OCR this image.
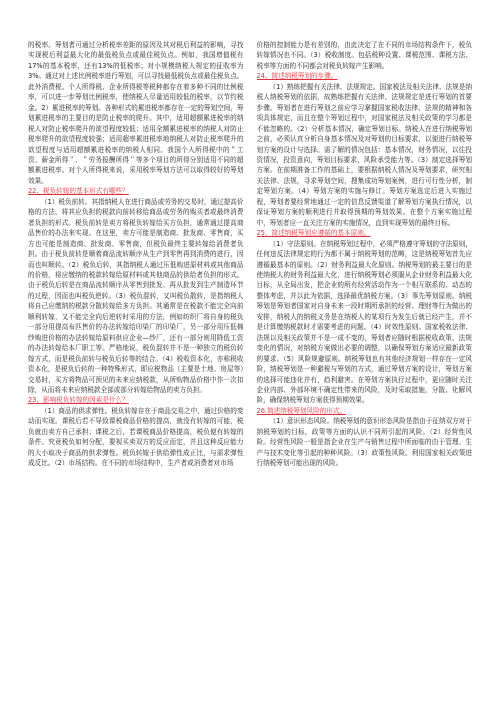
的税率。筹划者可通过分析税率差距的原因及其对税后利益的影响，寻找实现税后利益最大化的最低税负点或最佳税负点。例如，我国增值税有17%的基本税率，还有13%的低税率；对小规模纳税人规定的征收率为3%。通过对上述比例税率进行筹划，可以寻找最低税负点或最佳税负点。此外消费税、个人所得税、企业所得税等税种都存在着多种不同的比例税率，可以进一步筹划比例税率，使纳税人尽量适用较低的税率，以节约税金。2）累进税率的筹划。各种形式的累进税率都存在一定的筹划空间，筹划累进税率的主要目的是防止税率的爬升。其中，适用超额累进税率的纳税人对防止税率爬升的欲望程度较低；适用全额累进税率的纳税人对防止税率爬升的欲望程度较强；适用超率累进税率地纳税人对防止税率爬升的欲望程度与适用超额累进税率的纳税人相同。我国个人所得税中的＂工资、薪金所得＂、＂劳务报酬所得＂等多个项目的所得分别适用不同的超额累进税率。对个人所得税来说，采用税率筹划方法可以取得较好的筹划效果。

22、税负转嫁的基本形式有哪些？

（1）税负前转。其指纳税人在进行商品或劳务的交易时，通过提高价格的方法，将其应负担的税款向前转移给商品或劳务的购买者或最终消费者负担的形式。税负前转是卖方将税负转嫁给买方负担，通常通过提高商品售价的办法来实现。在这里，卖方可能是制造商、批发商、零售商，买方也可能是制造商、批发商、零售商，但税负最终主要转嫁给消费者负担。由于税负前转是顺着商品流转顺序从生产到零售再到消费的进行，因而也叫顺转。（2）税负后转，其指纳税人通过压低购进原材料或其他商品的价格，将应缴纳的税款转嫁给原材料或其他商品的供给者负担的形式。由于税负后转是在商品流转顺序从零售到批发、再从批发到生产制造环节的过程，因而也叫税负逆转。（3）税负混转，又叫税负散转，是指纳税人将自己应缴纳的税款分散转嫁给多方负担。其通常是在税款不能完全向前顺利转嫁，又不能完全向后逆转时采用的方法，例如纺织厂将自身的税负一部分用提高布匹售价的办法转嫁给印染厂的印染厂，另一部分用压低棉纱购进价格的办法转嫁给原料供应企业—纱厂，还有一部分则用降低工资的办法转嫁给本厂职工等。严格地说，税负混转并不是一种独立的税负转嫁方式，而是税负前转与税负后转等的结合。（4）税收资本化，亦称税收资本化，是税负后转的一种特殊形式，即应税物品（主要是土地、房屋等）交易时，买方将物品可预见的未来应纳税款，从所购物品价格中作一次扣除，从而将未来应纳税款全部或部分转嫁给物品的卖方负担。

23、影响税负转嫁的因素是什么？

（1）商品的供求弹性。税负转嫁存在于商品交易之中，通过价格的变动而实现。课税后若不导致课税商品价格的提高，就没有转嫁的可能，税负就由卖方自己承担；课税之后，若课税商品价格提高，税负便有转嫁的条件。究竟税负如何分配，要视买卖双方的反应而定，并且这种反应能力的大小取决于商品的供求弹性。税负转嫁于供给弹性成正比，与需求弹性成反比。（2）市场结构。在不同的市场结构中，生产者或消费者对市场

价格的控制能力是有差别的，由此决定了在不同的市场结构条件下，税负转嫁情况也不同。（3）税收制度。包括税种设置、课税范围、课税方法、税率等方面的不同都会对税负转嫁产生影响。

24、简述纳税筹划的步骤。

（1）熟练把握有关法律、法规规定。国家税法及相关法律、法规是纳税人纳税筹划的依据，故熟练把握有关法律、法规规定是进行筹划的首要步骤。筹划者在进行筹划之前应学习掌握国家税收法律、法规的精神和各项具体规定，而且在整个筹划过程中，对国家税法及相关政策的学习都是不能忽略的。（2）分析基本情况，确定筹划目标。纳税人在进行纳税筹划之前，必须认真分析自身基本情况及对筹划的目标要求，以便进行纳税筹划方案的设计与选择。需了解的情况包括：基本情况，财务情况，以往投资情况，投资意向，筹划目标要求，风险承受能力等。（3）制定选择筹划方案。在前期准备工作的基础上，要根据纳税人情况及筹划要求，研究相关法律、法规，寻求筹划空间，搜集成功筹划案例，进行可行性分析，制定筹划方案。（4）筹划方案的实施与修订。筹划方案选定后进入实施过程，筹划者要经常地通过一定的信息反馈渠道了解筹划方案执行情况，以保证筹划方案的顺利进行并取得预期的筹划效果。在整个方案实施过程中，筹划者应一直关注方案的实施情况，直到实现筹划的最终目标。

25、简述纳税筹划应遵循的基本原则。

（1）守法原则。在纳税筹划过程中，必须严格遵守筹划的守法原则，任何违反法律规定的行为都不属于纳税筹划的范畴，这是纳税筹划首先应遵循最基本的原则。（2）财务利益最大化原则。纳税筹划的最主要目的是使纳税人的财务利益最大化，进行纳税筹划必须服从企业财务利益最大化目标，从全局出发，把企业的所有经营活动作为一个相互联系的、动态的整体考虑，并以此为依据，选择最优纳税方案。（3）事先筹划原则。纳税筹划是筹划者国家对自身未来一段时期所承担的经营、理财等行为做出的安排，纳税人的纳税义务是在纳税人的某项行为发生后就已经产生，并不是计算缴纳税款时才需要考虑的问题。（4）时效性原则。国家税收法律、法规以及相关政策并不是一成不变的，筹划者应随时根据税收政策、法规变化的情况，对纳税方案做出必要的调整，以确保筹划方案适应最新政策的要求。（5）风险规避原则。纳税筹划也有其他经济规划一样存在一定风险，纳税筹划是一种避税与筹划的方式，通过筹划方案的设计，筹划方案的选择可能违化并有，趋利避害。在筹划方案执行过程中，更应随时关注企业内部、外部环境不确定性带来的风险，及时采取措施，分散、化解风险，确保纳税筹划方案获得预期效果。

26.简述纳税筹划风险的形式。

（1）意识形态风险。纳税筹划的意识形态风险是指由于征纳双方对于纳税筹划的目标，政策等方面的认识不同所引起的风险。（2）经营性风险。经营性风险一般是指企业在生产与销售过程中所面临的由于管理、生产与技术变化等引起的种种风险。（3）政策性风险。利用国家相关政策进行纳税筹划可能出现的风险。
